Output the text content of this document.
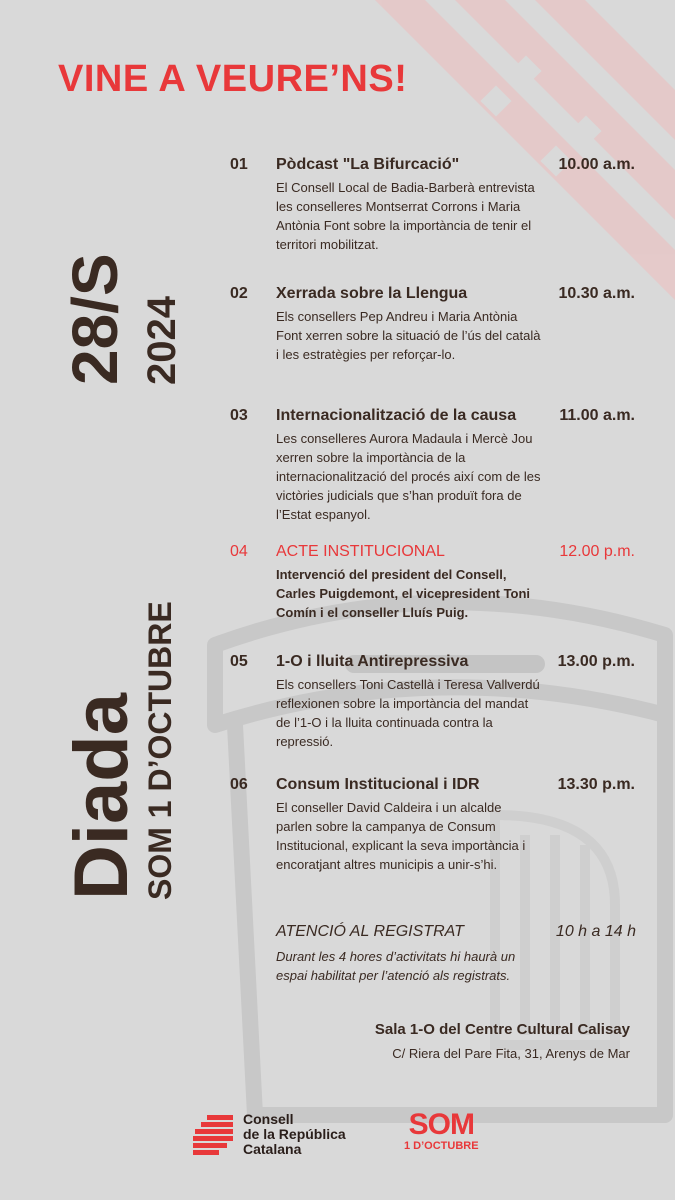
VINE A VEURE’NS!
28/S 2024
Diada
SOM 1 D’OCTUBRE
01	Pòdcast "La Bifurcació"	10.00 a.m.
El Consell Local de Badia-Barberà entrevista les conselleres Montserrat Corrons i Maria Antònia Font sobre la importància de tenir el territori mobilitzat.
02	Xerrada sobre la Llengua	10.30 a.m.
Els consellers Pep Andreu i Maria Antònia Font xerren sobre la situació de l’ús del català i les estratègies per reforçar-lo.
03	Internacionalització de la causa	11.00 a.m.
Les conselleres Aurora Madaula i Mercè Jou xerren sobre la importància de la internacionalització del procés així com de les victòries judicials que s’han produït fora de l’Estat espanyol.
04	ACTE INSTITUCIONAL	12.00 p.m.
Intervenció del president del Consell, Carles Puigdemont, el vicepresident Toni Comín i el conseller Lluís Puig.
05	1-O i lluita Antirepressiva	13.00 p.m.
Els consellers Toni Castellà i Teresa Vallverdú reflexionen sobre la importància del mandat de l’1-O i la lluita continuada contra la repressió.
06	Consum Institucional i IDR	13.30 p.m.
El conseller David Caldeira i un alcalde parlen sobre la campanya de Consum Institucional, explicant la seva importància i encoratjant altres municipis a unir-s’hi.
ATENCIÓ AL REGISTRAT	10 h a 14 h
Durant les 4 hores d’activitats hi haurà un espai habilitat per l’atenció als registrats.
Sala 1-O del Centre Cultural Calisay
C/ Riera del Pare Fita, 31, Arenys de Mar
Consell
de la República
Catalana
SOM
1 D’OCTUBRE
